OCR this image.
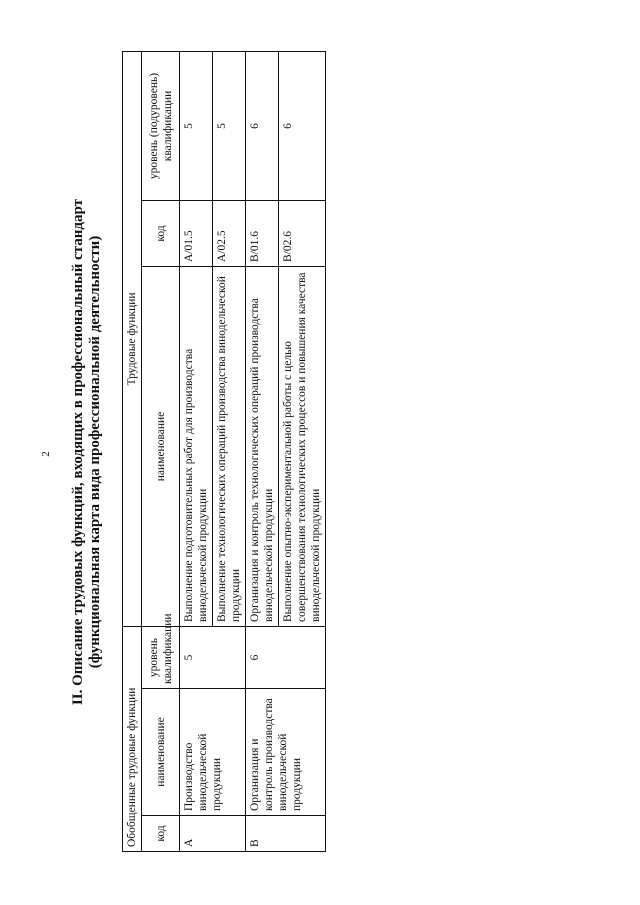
2 II. Описание трудовых функций, входящих в профессиональный стандарт (функциональная карта вида профессиональной деятельности)
Обобщенные трудовые функции			Трудовые функции		
код	наименование	уровень квалификации	наименование	код	уровень (подуровень) квалификации
A	Производство винодельческой продукции	5	Выполнение подготовительных работ для производства винодельческой продукции	A/01.5	5
			Выполнение технологических операций производства винодельческой продукции	A/02.5	5
B	Организация и контроль производства винодельческой продукции	6	Организация и контроль технологических операций производства винодельческой продукции	B/01.6	6
			Выполнение опытно-экспериментальной работы с целью совершенствования технологических процессов и повышения качества винодельческой продукции	B/02.6	6
